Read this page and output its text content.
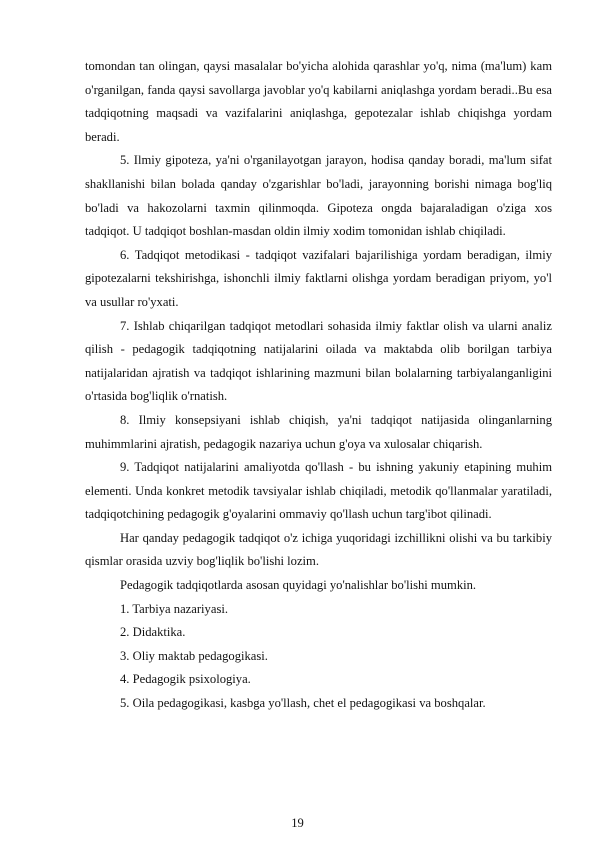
tomondan tan olingan, qaysi masalalar bo'yicha alohida qarashlar yo'q, nima (ma'lum) kam o'rganilgan, fanda qaysi savollarga javoblar yo'q kabilarni aniqlashga yordam beradi..Bu esa tadqiqotning maqsadi va vazifalarini aniqlashga, gepotezalar ishlab chiqishga yordam beradi.

5. Ilmiy gipoteza, ya'ni o'rganilayotgan jarayon, hodisa qanday boradi, ma'lum sifat shakllanishi bilan bolada qanday o'zgarishlar bo'ladi, jarayonning borishi nimaga bog'liq bo'ladi va hakozolarni taxmin qilinmoqda. Gipoteza ongda bajaraladigan o'ziga xos tadqiqot. U tadqiqot boshlan-masdan oldin ilmiy xodim tomonidan ishlab chiqiladi.

6. Tadqiqot metodikasi - tadqiqot vazifalari bajarilishiga yordam beradigan, ilmiy gipotezalarni tekshirishga, ishonchli ilmiy faktlarni olishga yordam beradigan priyom, yo'l va usullar ro'yxati.

7. Ishlab chiqarilgan tadqiqot metodlari sohasida ilmiy faktlar olish va ularni analiz qilish - pedagogik tadqiqotning natijalarini oilada va maktabda olib borilgan tarbiya natijalaridan ajratish va tadqiqot ishlarining mazmuni bilan bolalarning tarbiyalanganligini o'rtasida bog'liqlik o'rnatish.

8. Ilmiy konsepsiyani ishlab chiqish, ya'ni tadqiqot natijasida olinganlarning muhimmlarini ajratish, pedagogik nazariya uchun g'oya va xulosalar chiqarish.

9. Tadqiqot natijalarini amaliyotda qo'llash - bu ishning yakuniy etapining muhim elementi. Unda konkret metodik tavsiyalar ishlab chiqiladi, metodik qo'llanmalar yaratiladi, tadqiqotchining pedagogik g'oyalarini ommaviy qo'llash uchun targ'ibot qilinadi.

Har qanday pedagogik tadqiqot o'z ichiga yuqoridagi izchillikni olishi va bu tarkibiy qismlar orasida uzviy bog'liqlik bo'lishi lozim.

Pedagogik tadqiqotlarda asosan quyidagi yo'nalishlar bo'lishi mumkin.

1. Tarbiya nazariyasi.

2. Didaktika.

3. Oliy maktab pedagogikasi.

4. Pedagogik psixologiya.

5. Oila pedagogikasi, kasbga yo'llash, chet el pedagogikasi va boshqalar.

19
